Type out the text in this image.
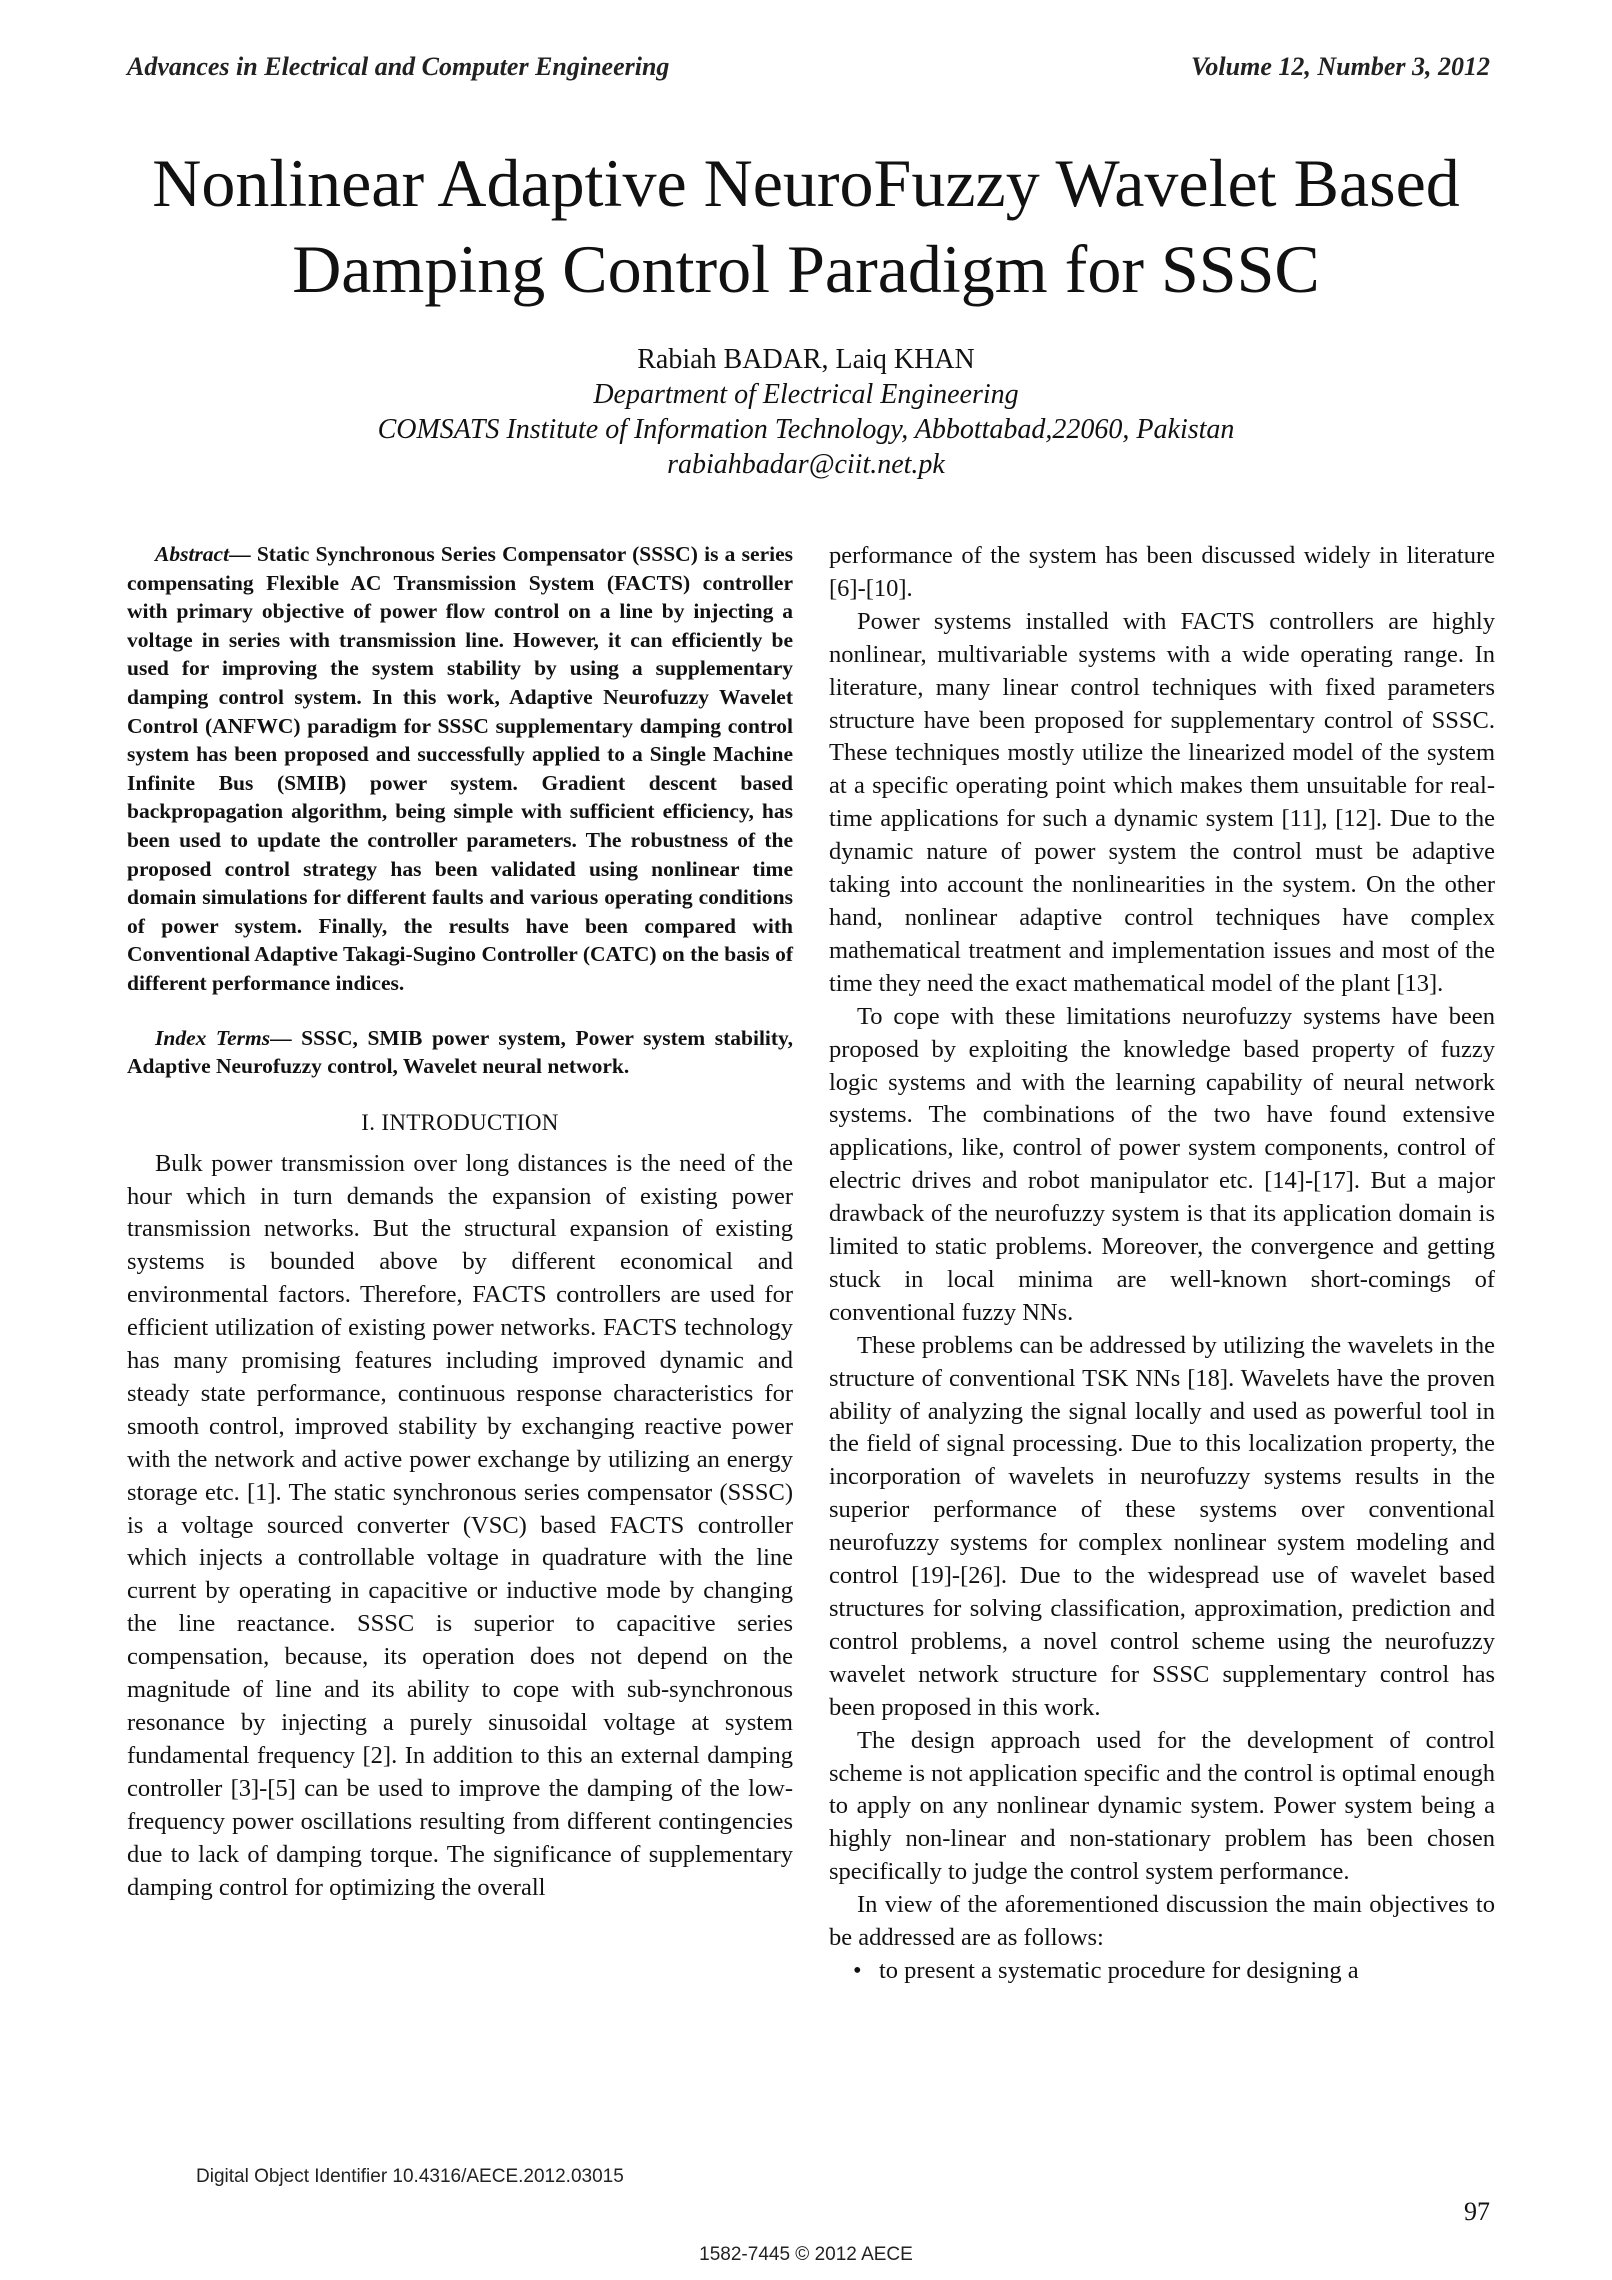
Advances in Electrical and Computer Engineering	Volume 12, Number 3, 2012
Nonlinear Adaptive NeuroFuzzy Wavelet Based
Damping Control Paradigm for SSSC
Rabiah BADAR, Laiq KHAN
Department of Electrical Engineering
COMSATS Institute of Information Technology, Abbottabad,22060, Pakistan
rabiahbadar@ciit.net.pk

Abstract— Static Synchronous Series Compensator (SSSC) is a series compensating Flexible AC Transmission System (FACTS) controller with primary objective of power flow control on a line by injecting a voltage in series with transmission line. However, it can efficiently be used for improving the system stability by using a supplementary damping control system. In this work, Adaptive Neurofuzzy Wavelet Control (ANFWC) paradigm for SSSC supplementary damping control system has been proposed and successfully applied to a Single Machine Infinite Bus (SMIB) power system. Gradient descent based backpropagation algorithm, being simple with sufficient efficiency, has been used to update the controller parameters. The robustness of the proposed control strategy has been validated using nonlinear time domain simulations for different faults and various operating conditions of power system. Finally, the results have been compared with Conventional Adaptive Takagi-Sugino Controller (CATC) on the basis of different performance indices.

Index Terms— SSSC, SMIB power system, Power system stability, Adaptive Neurofuzzy control, Wavelet neural network.

I. INTRODUCTION

Bulk power transmission over long distances is the need of the hour which in turn demands the expansion of existing power transmission networks. But the structural expansion of existing systems is bounded above by different economical and environmental factors. Therefore, FACTS controllers are used for efficient utilization of existing power networks. FACTS technology has many promising features including improved dynamic and steady state performance, continuous response characteristics for smooth control, improved stability by exchanging reactive power with the network and active power exchange by utilizing an energy storage etc. [1]. The static synchronous series compensator (SSSC) is a voltage sourced converter (VSC) based FACTS controller which injects a controllable voltage in quadrature with the line current by operating in capacitive or inductive mode by changing the line reactance. SSSC is superior to capacitive series compensation, because, its operation does not depend on the magnitude of line and its ability to cope with sub-synchronous resonance by injecting a purely sinusoidal voltage at system fundamental frequency [2]. In addition to this an external damping controller [3]-[5] can be used to improve the damping of the low-frequency power oscillations resulting from different contingencies due to lack of damping torque. The significance of supplementary damping control for optimizing the overall

performance of the system has been discussed widely in literature [6]-[10].

Power systems installed with FACTS controllers are highly nonlinear, multivariable systems with a wide operating range. In literature, many linear control techniques with fixed parameters structure have been proposed for supplementary control of SSSC. These techniques mostly utilize the linearized model of the system at a specific operating point which makes them unsuitable for real-time applications for such a dynamic system [11], [12]. Due to the dynamic nature of power system the control must be adaptive taking into account the nonlinearities in the system. On the other hand, nonlinear adaptive control techniques have complex mathematical treatment and implementation issues and most of the time they need the exact mathematical model of the plant [13].

To cope with these limitations neurofuzzy systems have been proposed by exploiting the knowledge based property of fuzzy logic systems and with the learning capability of neural network systems. The combinations of the two have found extensive applications, like, control of power system components, control of electric drives and robot manipulator etc. [14]-[17]. But a major drawback of the neurofuzzy system is that its application domain is limited to static problems. Moreover, the convergence and getting stuck in local minima are well-known short-comings of conventional fuzzy NNs.

These problems can be addressed by utilizing the wavelets in the structure of conventional TSK NNs [18]. Wavelets have the proven ability of analyzing the signal locally and used as powerful tool in the field of signal processing. Due to this localization property, the incorporation of wavelets in neurofuzzy systems results in the superior performance of these systems over conventional neurofuzzy systems for complex nonlinear system modeling and control [19]-[26]. Due to the widespread use of wavelet based structures for solving classification, approximation, prediction and control problems, a novel control scheme using the neurofuzzy wavelet network structure for SSSC supplementary control has been proposed in this work.

The design approach used for the development of control scheme is not application specific and the control is optimal enough to apply on any nonlinear dynamic system. Power system being a highly non-linear and non-stationary problem has been chosen specifically to judge the control system performance.

In view of the aforementioned discussion the main objectives to be addressed are as follows:

• to present a systematic procedure for designing a
Digital Object Identifier 10.4316/AECE.2012.03015
97
1582-7445 © 2012 AECE
